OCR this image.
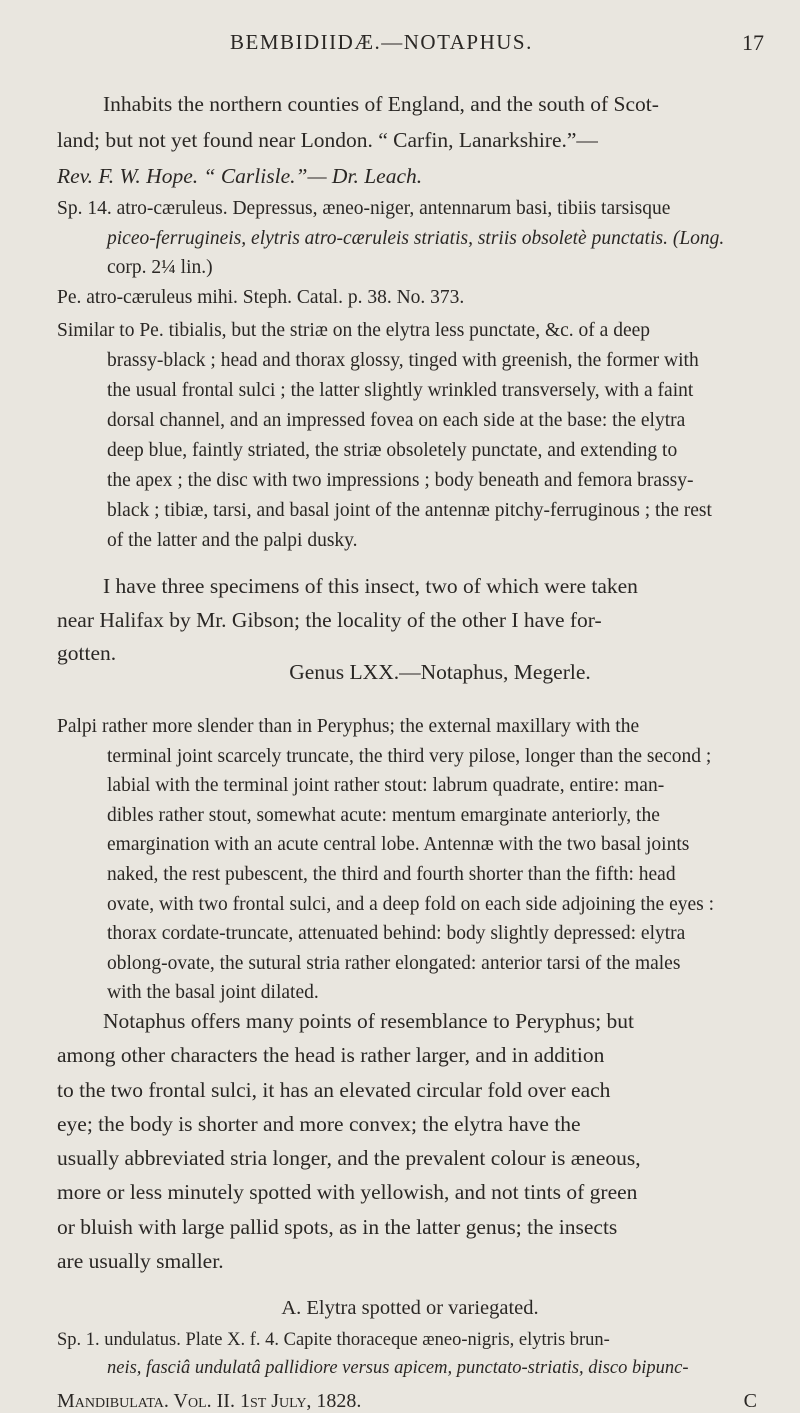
BEMBIDIIDÆ.—NOTAPHUS.	17
Inhabits the northern counties of England, and the south of Scot-
land; but not yet found near London. “ Carfin, Lanarkshire.”—
Rev. F. W. Hope. “ Carlisle.”— Dr. Leach.
Sp. 14. atro-cæruleus. Depressus, æneo-niger, antennarum basi, tibiis tarsisque
piceo-ferrugineis, elytris atro-cæruleis striatis, striis obsoletè punctatis. (Long.
corp. 2¼ lin.)
Pe. atro-cæruleus mihi. Steph. Catal. p. 38. No. 373.
Similar to Pe. tibialis, but the striæ on the elytra less punctate, &c. of a deep
brassy-black ; head and thorax glossy, tinged with greenish, the former with
the usual frontal sulci ; the latter slightly wrinkled transversely, with a faint
dorsal channel, and an impressed fovea on each side at the base: the elytra
deep blue, faintly striated, the striæ obsoletely punctate, and extending to
the apex ; the disc with two impressions ; body beneath and femora brassy-
black ; tibiæ, tarsi, and basal joint of the antennæ pitchy-ferruginous ; the rest
of the latter and the palpi dusky.
I have three specimens of this insect, two of which were taken
near Halifax by Mr. Gibson; the locality of the other I have for-
gotten.
Genus LXX.—Notaphus, Megerle.
Palpi rather more slender than in Peryphus; the external maxillary with the
terminal joint scarcely truncate, the third very pilose, longer than the second ;
labial with the terminal joint rather stout: labrum quadrate, entire: man-
dibles rather stout, somewhat acute: mentum emarginate anteriorly, the
emargination with an acute central lobe. Antennæ with the two basal joints
naked, the rest pubescent, the third and fourth shorter than the fifth: head
ovate, with two frontal sulci, and a deep fold on each side adjoining the eyes :
thorax cordate-truncate, attenuated behind: body slightly depressed: elytra
oblong-ovate, the sutural stria rather elongated: anterior tarsi of the males
with the basal joint dilated.
Notaphus offers many points of resemblance to Peryphus; but
among other characters the head is rather larger, and in addition
to the two frontal sulci, it has an elevated circular fold over each
eye; the body is shorter and more convex; the elytra have the
usually abbreviated stria longer, and the prevalent colour is æneous,
more or less minutely spotted with yellowish, and not tints of green
or bluish with large pallid spots, as in the latter genus; the insects
are usually smaller.
A. Elytra spotted or variegated.
Sp. 1. undulatus. Plate X. f. 4. Capite thoraceque æneo-nigris, elytris brun-
neis, fasciâ undulatâ pallidiore versus apicem, punctato-striatis, disco bipunc-
Mandibulata. Vol. II. 1st July, 1828.	C
